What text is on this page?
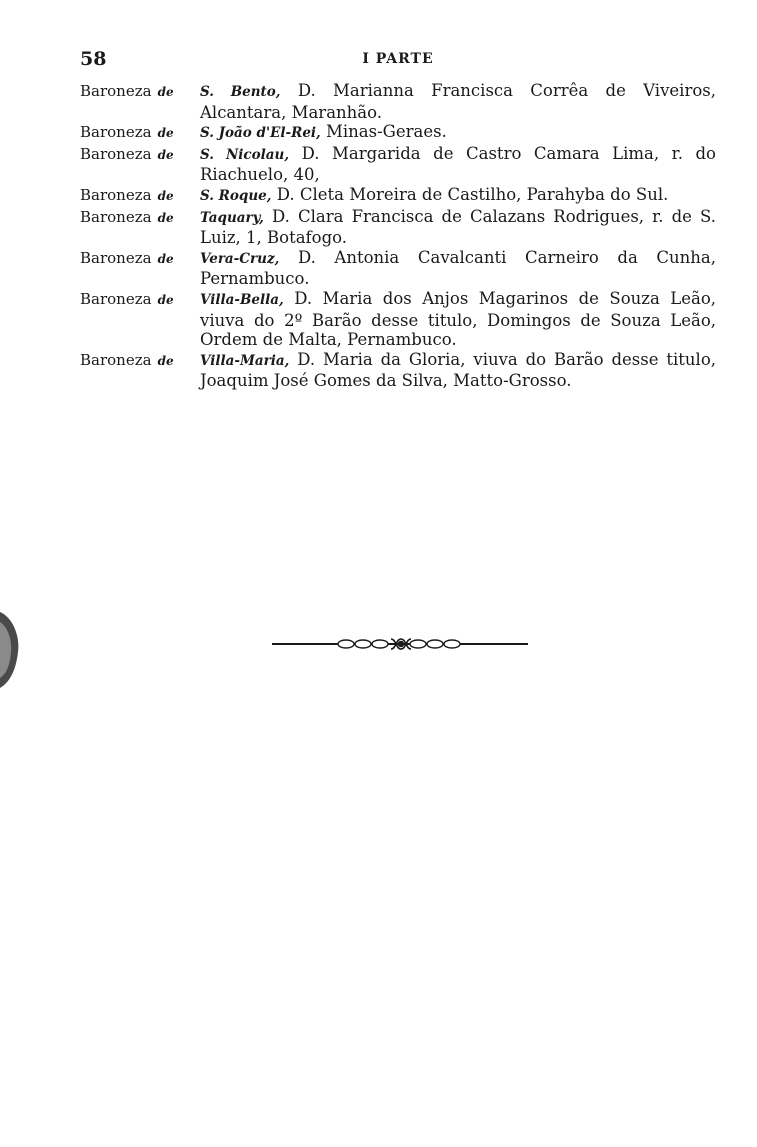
58	I PARTE
Baroneza de	S. Bento, D. Marianna Francisca Corrêa de Viveiros, Alcantara, Maranhão.
Baroneza de	S. João d'El-Rei, Minas-Geraes.
Baroneza de	S. Nicolau, D. Margarida de Castro Camara Lima, r. do Riachuelo, 40,
Baroneza de	S. Roque, D. Cleta Moreira de Castilho, Parahyba do Sul.
Baroneza de	Taquary, D. Clara Francisca de Calazans Rodrigues, r. de S. Luiz, 1, Botafogo.
Baroneza de	Vera-Cruz, D. Antonia Cavalcanti Carneiro da Cunha, Pernambuco.
Baroneza de	Villa-Bella, D. Maria dos Anjos Magarinos de Souza Leão, viuva do 2º Barão desse titulo, Domingos de Souza Leão, Ordem de Malta, Pernambuco.
Baroneza de	Villa-Maria, D. Maria da Gloria, viuva do Barão desse titulo, Joaquim José Gomes da Silva, Matto-Grosso.
